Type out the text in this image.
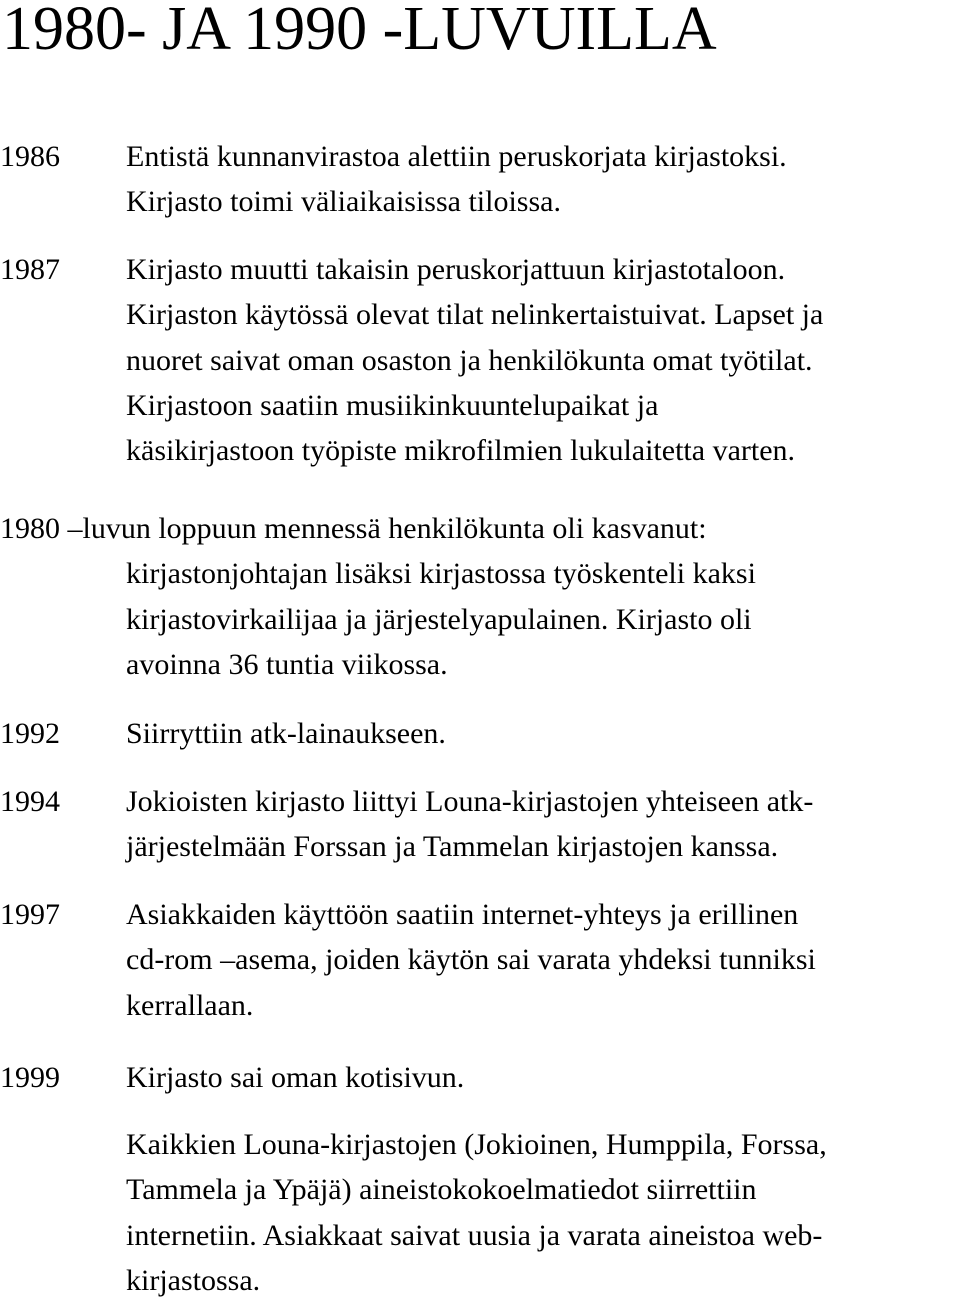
1980- JA 1990 -LUVUILLA
1986 Entistä kunnanvirastoa alettiin peruskorjata kirjastoksi.
Kirjasto toimi väliaikaisissa tiloissa.
1987 Kirjasto muutti takaisin peruskorjattuun kirjastotaloon.
Kirjaston käytössä olevat tilat nelinkertaistuivat. Lapset ja
nuoret saivat oman osaston ja henkilökunta omat työtilat.
Kirjastoon saatiin musiikinkuuntelupaikat ja
käsikirjastoon työpiste mikrofilmien lukulaitetta varten.
1980 –luvun loppuun mennessä henkilökunta oli kasvanut:
kirjastonjohtajan lisäksi kirjastossa työskenteli kaksi
kirjastovirkailijaa ja järjestelyapulainen. Kirjasto oli
avoinna 36 tuntia viikossa.
1992 Siirryttiin atk-lainaukseen.
1994 Jokioisten kirjasto liittyi Louna-kirjastojen yhteiseen atk-
järjestelmään Forssan ja Tammelan kirjastojen kanssa.
1997 Asiakkaiden käyttöön saatiin internet-yhteys ja erillinen
cd-rom –asema, joiden käytön sai varata yhdeksi tunniksi
kerrallaan.
1999 Kirjasto sai oman kotisivun.
Kaikkien Louna-kirjastojen (Jokioinen, Humppila, Forssa,
Tammela ja Ypäjä) aineistokokoelmatiedot siirrettiin
internetiin. Asiakkaat saivat uusia ja varata aineistoa web-
kirjastossa.
